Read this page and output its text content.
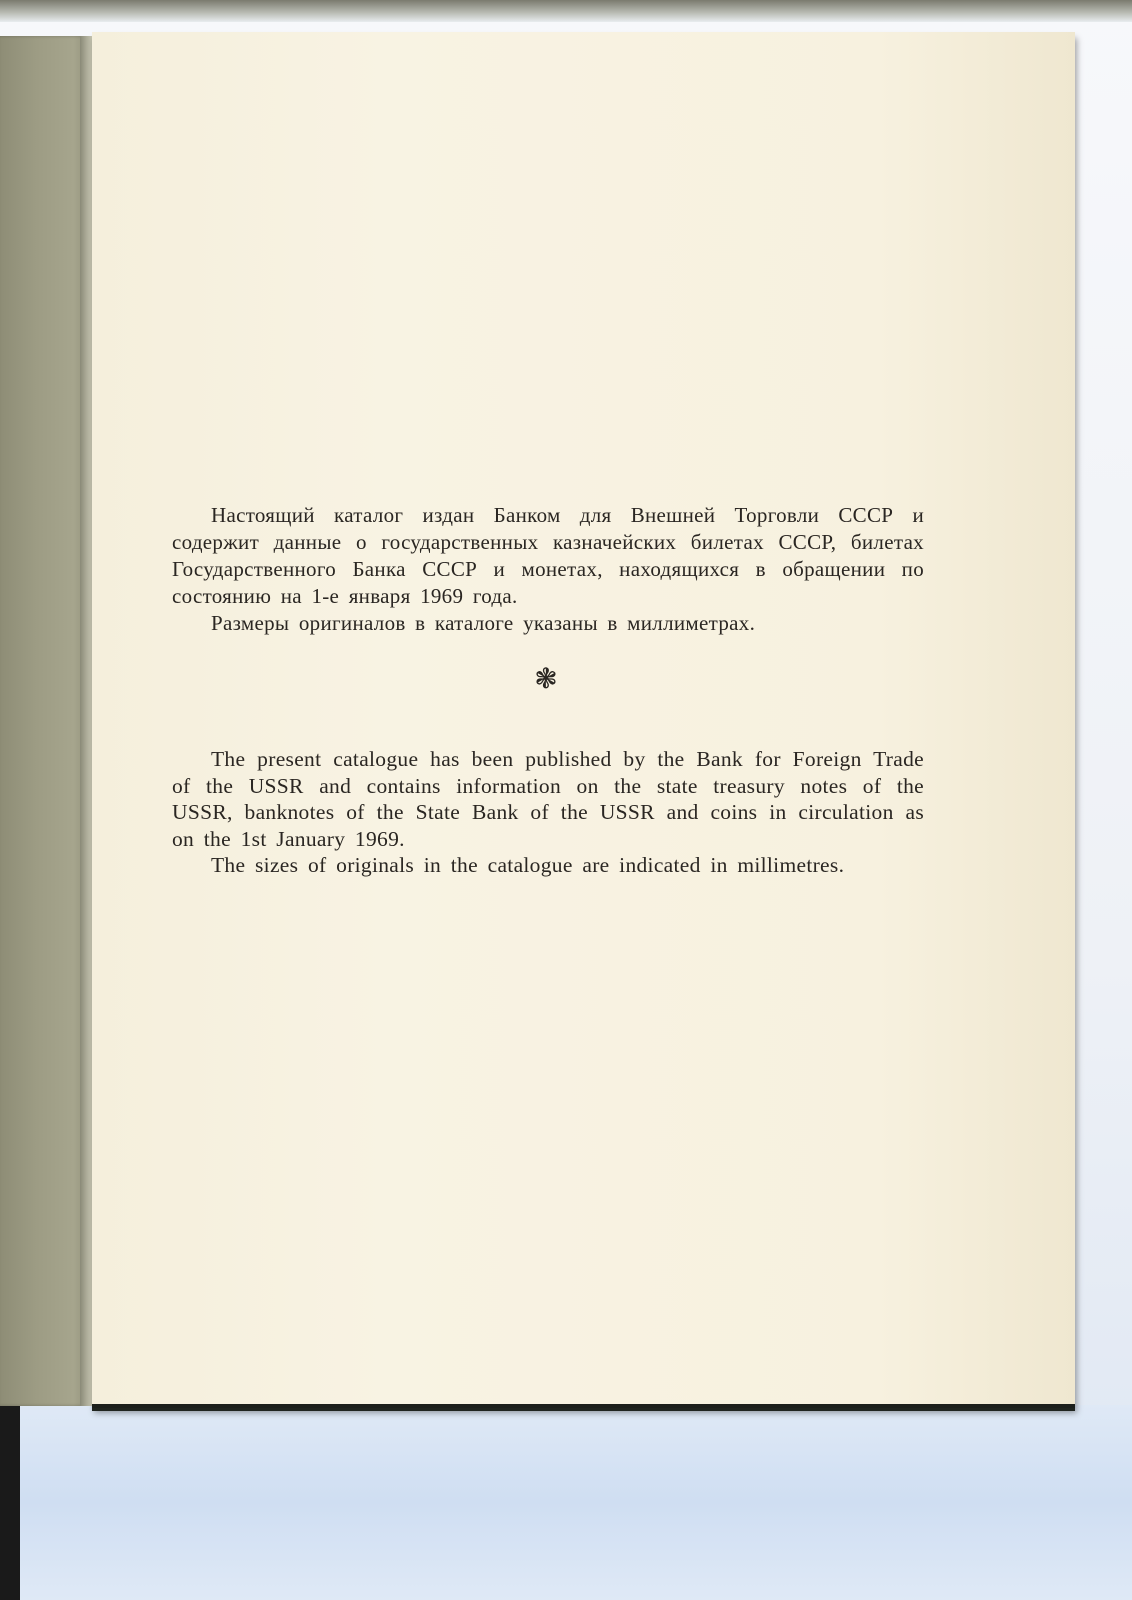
Настоящий каталог издан Банком для Внешней Торговли СССР и содержит данные о государственных казначейских билетах СССР, билетах Государственного Банка СССР и монетах, находящихся в обращении по состоянию на 1-е января 1969 года.

Размеры оригиналов в каталоге указаны в миллиметрах.

❃

The present catalogue has been published by the Bank for Foreign Trade of the USSR and contains information on the state treasury notes of the USSR, banknotes of the State Bank of the USSR and coins in circulation as on the 1st January 1969.

The sizes of originals in the catalogue are indicated in millimetres.
